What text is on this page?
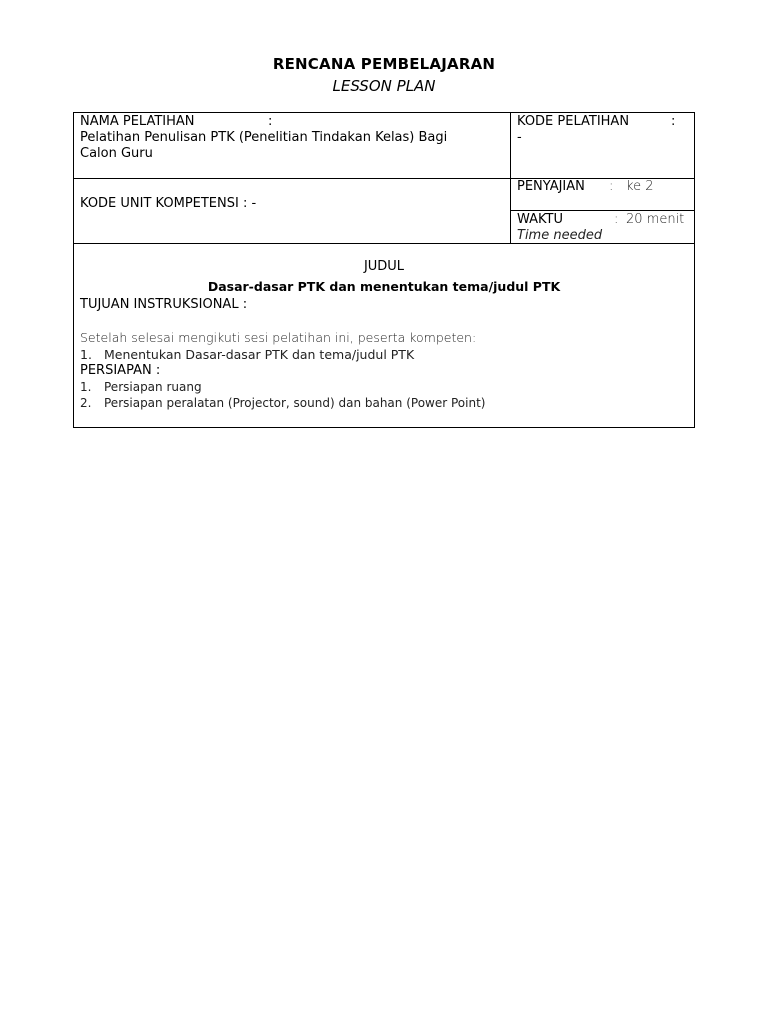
RENCANA PEMBELAJARAN
LESSON PLAN
NAMA PELATIHAN	:
Pelatihan Penulisan PTK (Penelitian Tindakan Kelas) Bagi
Calon Guru
KODE PELATIHAN	:
-
KODE UNIT KOMPETENSI : -
PENYAJIAN : ke 2
WAKTU	: 20 menit
Time needed
JUDUL
Dasar-dasar PTK dan menentukan tema/judul PTK
TUJUAN INSTRUKSIONAL :
Setelah selesai mengikuti sesi pelatihan ini, peserta kompeten:
1. Menentukan Dasar-dasar PTK dan tema/judul PTK
PERSIAPAN :
1.	Persiapan ruang
2.	Persiapan peralatan (Projector, sound) dan bahan (Power Point)
